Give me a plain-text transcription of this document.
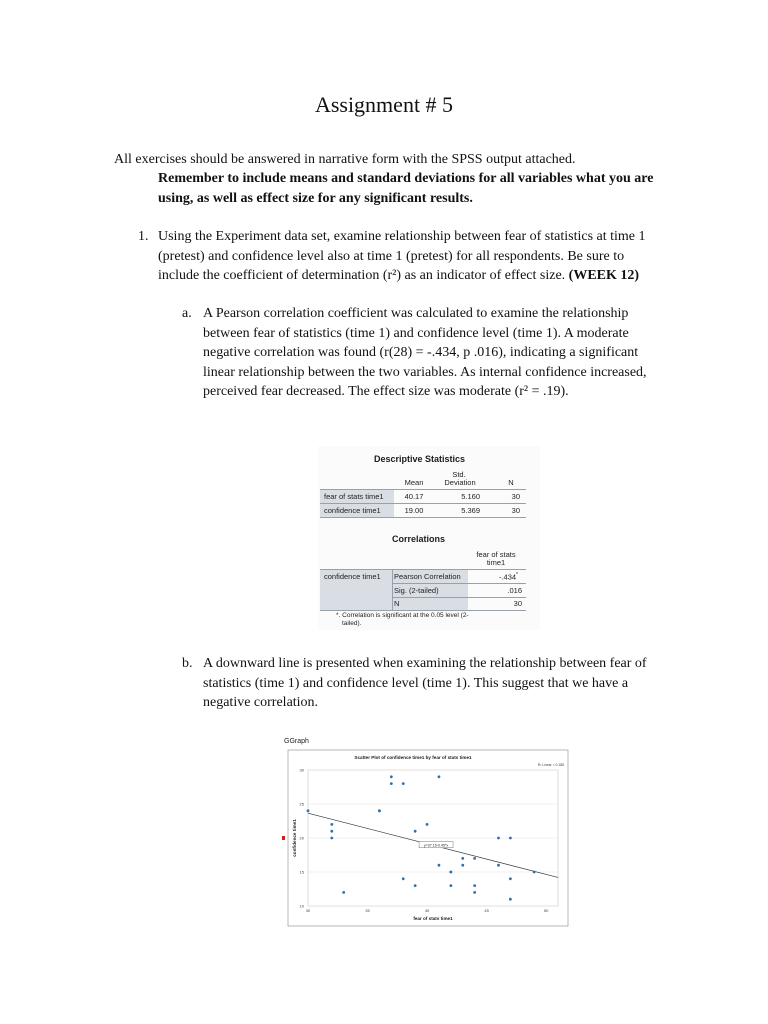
Assignment # 5
All exercises should be answered in narrative form with the SPSS output attached.
Remember to include means and standard deviations for all variables what you are using, as well as effect size for any significant results.
1. Using the Experiment data set, examine relationship between fear of statistics at time 1 (pretest) and confidence level also at time 1 (pretest) for all respondents. Be sure to include the coefficient of determination (r²) as an indicator of effect size. (WEEK 12)
a. A Pearson correlation coefficient was calculated to examine the relationship between fear of statistics (time 1) and confidence level (time 1). A moderate negative correlation was found (r(28) = -.434, p .016), indicating a significant linear relationship between the two variables. As internal confidence increased, perceived fear decreased. The effect size was moderate (r² = .19).
Descriptive Statistics
Std.
Mean	Deviation	N
fear of stats time1	40.17	5.160	30
confidence time1	19.00	5.369	30
Correlations
fear of stats
time1
confidence time1 Pearson Correlation	-.434*
Sig. (2-tailed)	.016
N	30
*. Correlation is significant at the 0.05 level (2-
tailed).
b. A downward line is presented when examining the relationship between fear of statistics (time 1) and confidence level (time 1). This suggest that we have a negative correlation.
GGraph
10
15
20
25
30
30	35	40	45	50
Scatter Plot of confidence time1 by fear of stats time1
R² Linear = 0.188
fear of stats time1
confidence time1	y=37.15-0.45*x
